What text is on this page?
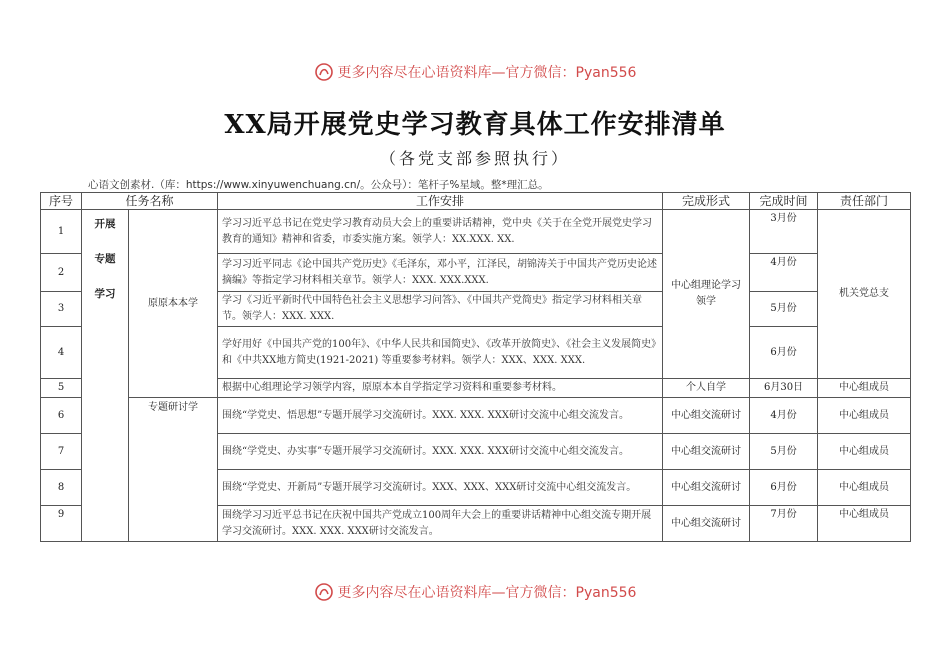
更多内容尽在心语资料库—官方微信：Pyan556
XX局开展党史学习教育具体工作安排清单
（各党支部参照执行）
心语文创素材.（库：https://www.xinyuwenchuang.cn/。公众号）：笔杆子%星域。整*理汇总。
序号	任务名称		工作安排	完成形式	完成时间	责任部门
1	开展
专题
学习	原原本本学	学习习近平总书记在党史学习教育动员大会上的重要讲话精神，党中央《关于在全党开展党史学习教育的通知》精神和省委，市委实施方案。领学人：XX.XXX. XX.	中心组理论学习领学	3月份	机关党总支
2			学习习近平同志《论中国共产党历史》《毛泽东，邓小平，江泽民，胡锦涛关于中国共产党历史论述摘编》等指定学习材料相关章节。领学人：XXX. XXX.XXX.		4月份	
3			学习《习近平新时代中国特色社会主义思想学习问答》、《中国共产党简史》指定学习材料相关章节。领学人：XXX. XXX.		5月份	
4			学好用好《中国共产党的100年》、《中华人民共和国简史》、《改革开放简史》、《社会主义发展简史》和《中共XX地方简史(1921-2021) 等重要参考材料。领学人：XXX、XXX. XXX.		6月份	
5			根据中心组理论学习领学内容，原原本本自学指定学习资料和重要参考材料。	个人自学	6月30日	中心组成员
6		专题研讨学	围绕“学党史、悟思想”专题开展学习交流研讨。XXX. XXX. XXX研讨交流中心组交流发言。	中心组交流研讨	4月份	中心组成员
7			围绕“学党史、办实事”专题开展学习交流研讨。XXX. XXX. XXX研讨交流中心组交流发言。	中心组交流研讨	5月份	中心组成员
8			围绕“学党史、开新局”专题开展学习交流研讨。XXX、XXX、XXX研讨交流中心组交流发言。	中心组交流研讨	6月份	中心组成员
9			围绕学习习近平总书记在庆祝中国共产党成立100周年大会上的重要讲话精神中心组交流专期开展学习交流研讨。XXX. XXX. XXX研讨交流发言。	中心组交流研讨	7月份	中心组成员
更多内容尽在心语资料库—官方微信：Pyan556
